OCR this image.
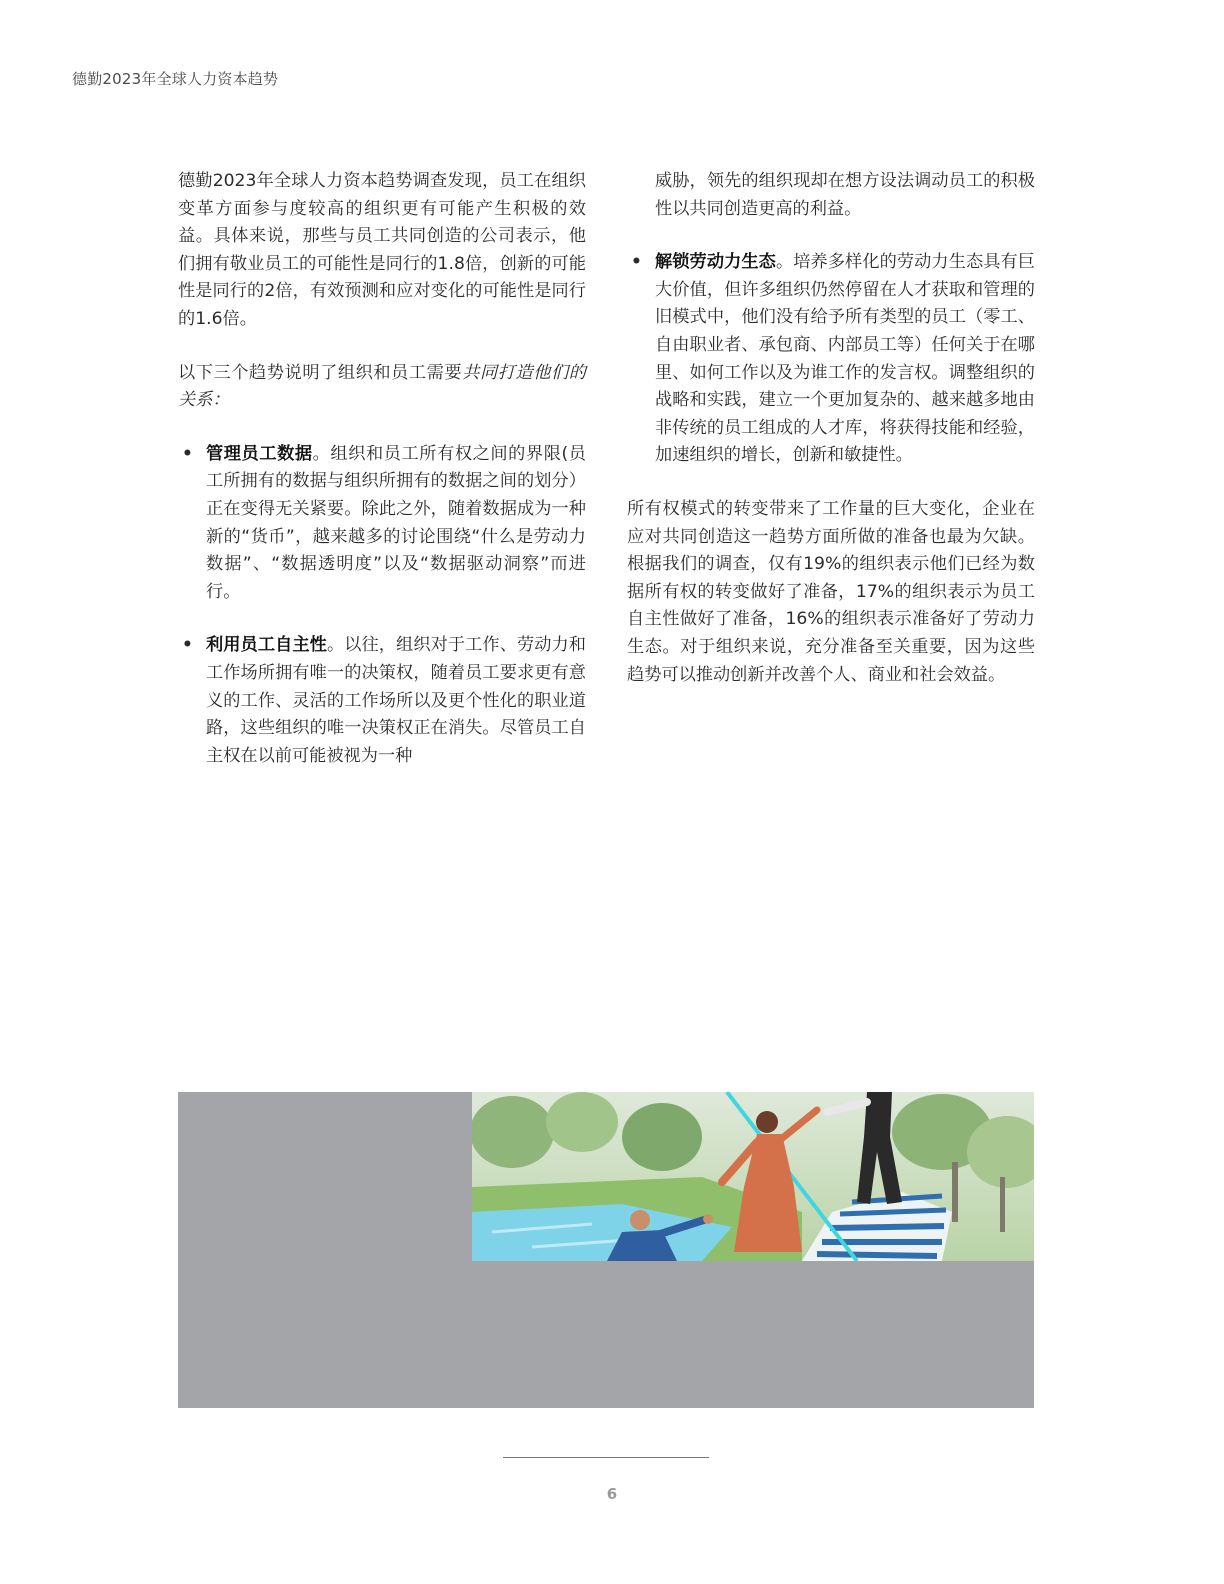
德勤2023年全球人力资本趋势

德勤2023年全球人力资本趋势调查发现，员工在组织变革方面参与度较高的组织更有可能产生积极的效益。具体来说，那些与员工共同创造的公司表示，他们拥有敬业员工的可能性是同行的1.8倍，创新的可能性是同行的2倍，有效预测和应对变化的可能性是同行的1.6倍。

以下三个趋势说明了组织和员工需要共同打造他们的关系：

• 管理员工数据。组织和员工所有权之间的界限(员工所拥有的数据与组织所拥有的数据之间的划分）正在变得无关紧要。除此之外，随着数据成为一种新的“货币”，越来越多的讨论围绕“什么是劳动力数据”、“数据透明度”以及“数据驱动洞察”而进行。
• 利用员工自主性。以往，组织对于工作、劳动力和工作场所拥有唯一的决策权，随着员工要求更有意义的工作、灵活的工作场所以及更个性化的职业道路，这些组织的唯一决策权正在消失。尽管员工自主权在以前可能被视为一种
威胁，领先的组织现却在想方设法调动员工的积极性以共同创造更高的利益。
• 解锁劳动力生态。培养多样化的劳动力生态具有巨大价值，但许多组织仍然停留在人才获取和管理的旧模式中，他们没有给予所有类型的员工（零工、自由职业者、承包商、内部员工等）任何关于在哪里、如何工作以及为谁工作的发言权。调整组织的战略和实践，建立一个更加复杂的、越来越多地由非传统的员工组成的人才库，将获得技能和经验，加速组织的增长，创新和敏捷性。

所有权模式的转变带来了工作量的巨大变化，企业在应对共同创造这一趋势方面所做的准备也最为欠缺。根据我们的调查，仅有19%的组织表示他们已经为数据所有权的转变做好了准备，17%的组织表示为员工自主性做好了准备，16%的组织表示准备好了劳动力生态。对于组织来说，充分准备至关重要，因为这些趋势可以推动创新并改善个人、商业和社会效益。

6
